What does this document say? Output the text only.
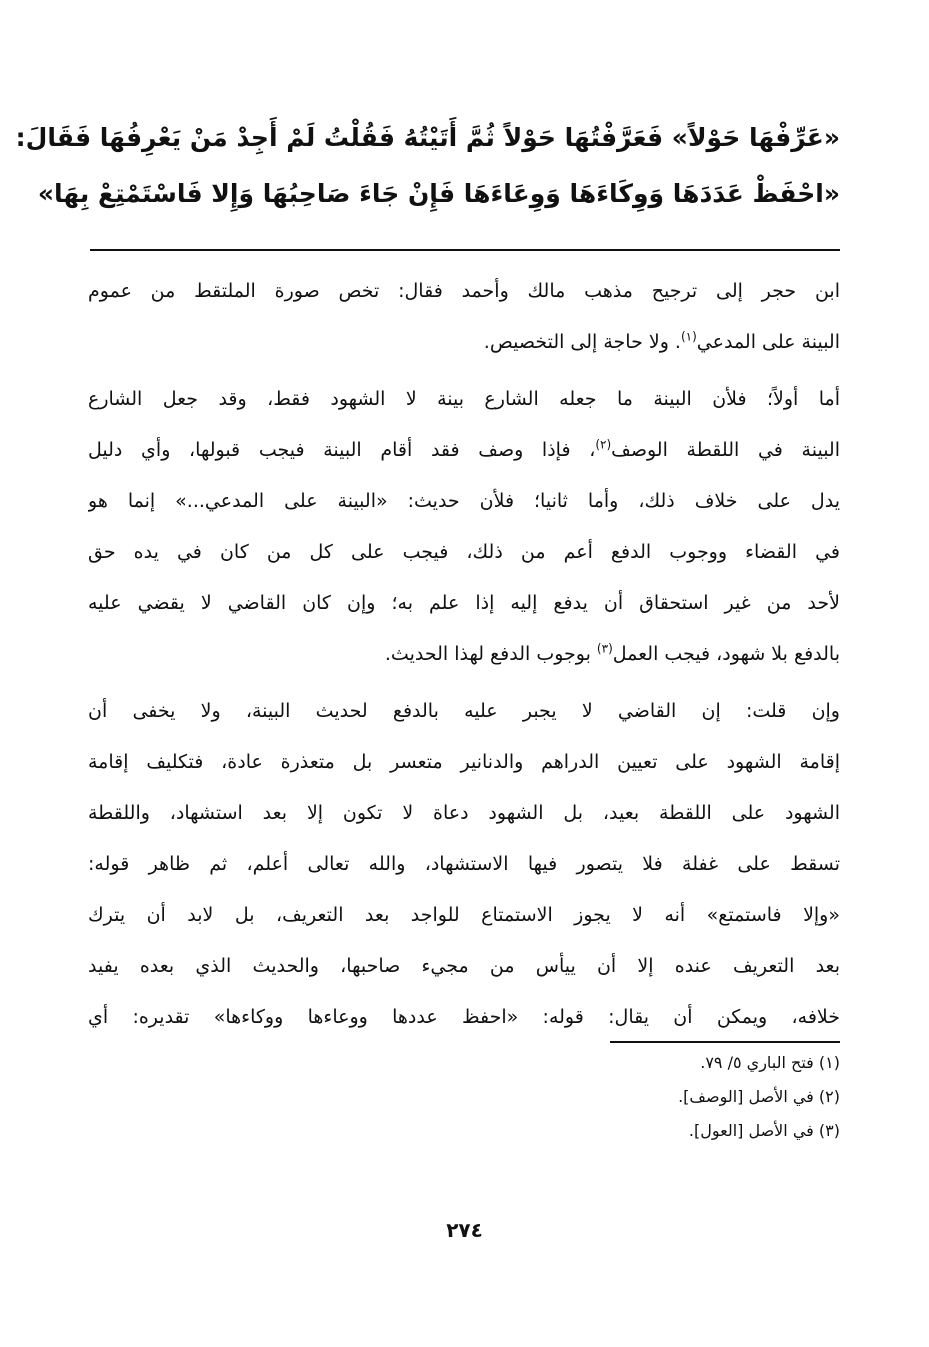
«عَرِّفْهَا حَوْلاً» فَعَرَّفْتُهَا حَوْلاً ثُمَّ أَتَيْتُهُ فَقُلْتُ لَمْ أَجِدْ مَنْ يَعْرِفُهَا فَقَالَ:
«احْفَظْ عَدَدَهَا وَوِكَاءَهَا وَوِعَاءَهَا فَإِنْ جَاءَ صَاحِبُهَا وَإِلا فَاسْتَمْتِعْ بِهَا»
ابن حجر إلى ترجيح مذهب مالك وأحمد فقال: تخص صورة الملتقط من عموم
البينة على المدعي$^{(١)}$. ولا حاجة إلى التخصيص.
أما أولاً؛ فلأن البينة ما جعله الشارع بينة لا الشهود فقط، وقد جعل الشارع
البينة في اللقطة الوصف$^{(٢)}$، فإذا وصف فقد أقام البينة فيجب قبولها، وأي دليل
يدل على خلاف ذلك، وأما ثانيا؛ فلأن حديث: «البينة على المدعي...» إنما هو
في القضاء ووجوب الدفع أعم من ذلك، فيجب على كل من كان في يده حق
لأحد من غير استحقاق أن يدفع إليه إذا علم به؛ وإن كان القاضي لا يقضي عليه
بالدفع بلا شهود، فيجب العمل$^{(٣)}$ بوجوب الدفع لهذا الحديث.
وإن قلت: إن القاضي لا يجبر عليه بالدفع لحديث البينة، ولا يخفى أن
إقامة الشهود على تعيين الدراهم والدنانير متعسر بل متعذرة عادة، فتكليف إقامة
الشهود على اللقطة بعيد، بل الشهود دعاة لا تكون إلا بعد استشهاد، واللقطة
تسقط على غفلة فلا يتصور فيها الاستشهاد، والله تعالى أعلم، ثم ظاهر قوله:
«وإلا فاستمتع» أنه لا يجوز الاستمتاع للواجد بعد التعريف، بل لابد أن يترك
بعد التعريف عنده إلا أن ييأس من مجيء صاحبها، والحديث الذي بعده يفيد
خلافه، ويمكن أن يقال: قوله: «احفظ عددها ووعاءها ووكاءها» تقديره: أي
(١) فتح الباري ٥/ ٧٩.
(٢) في الأصل [الوصف].
(٣) في الأصل [العول].
٢٧٤
